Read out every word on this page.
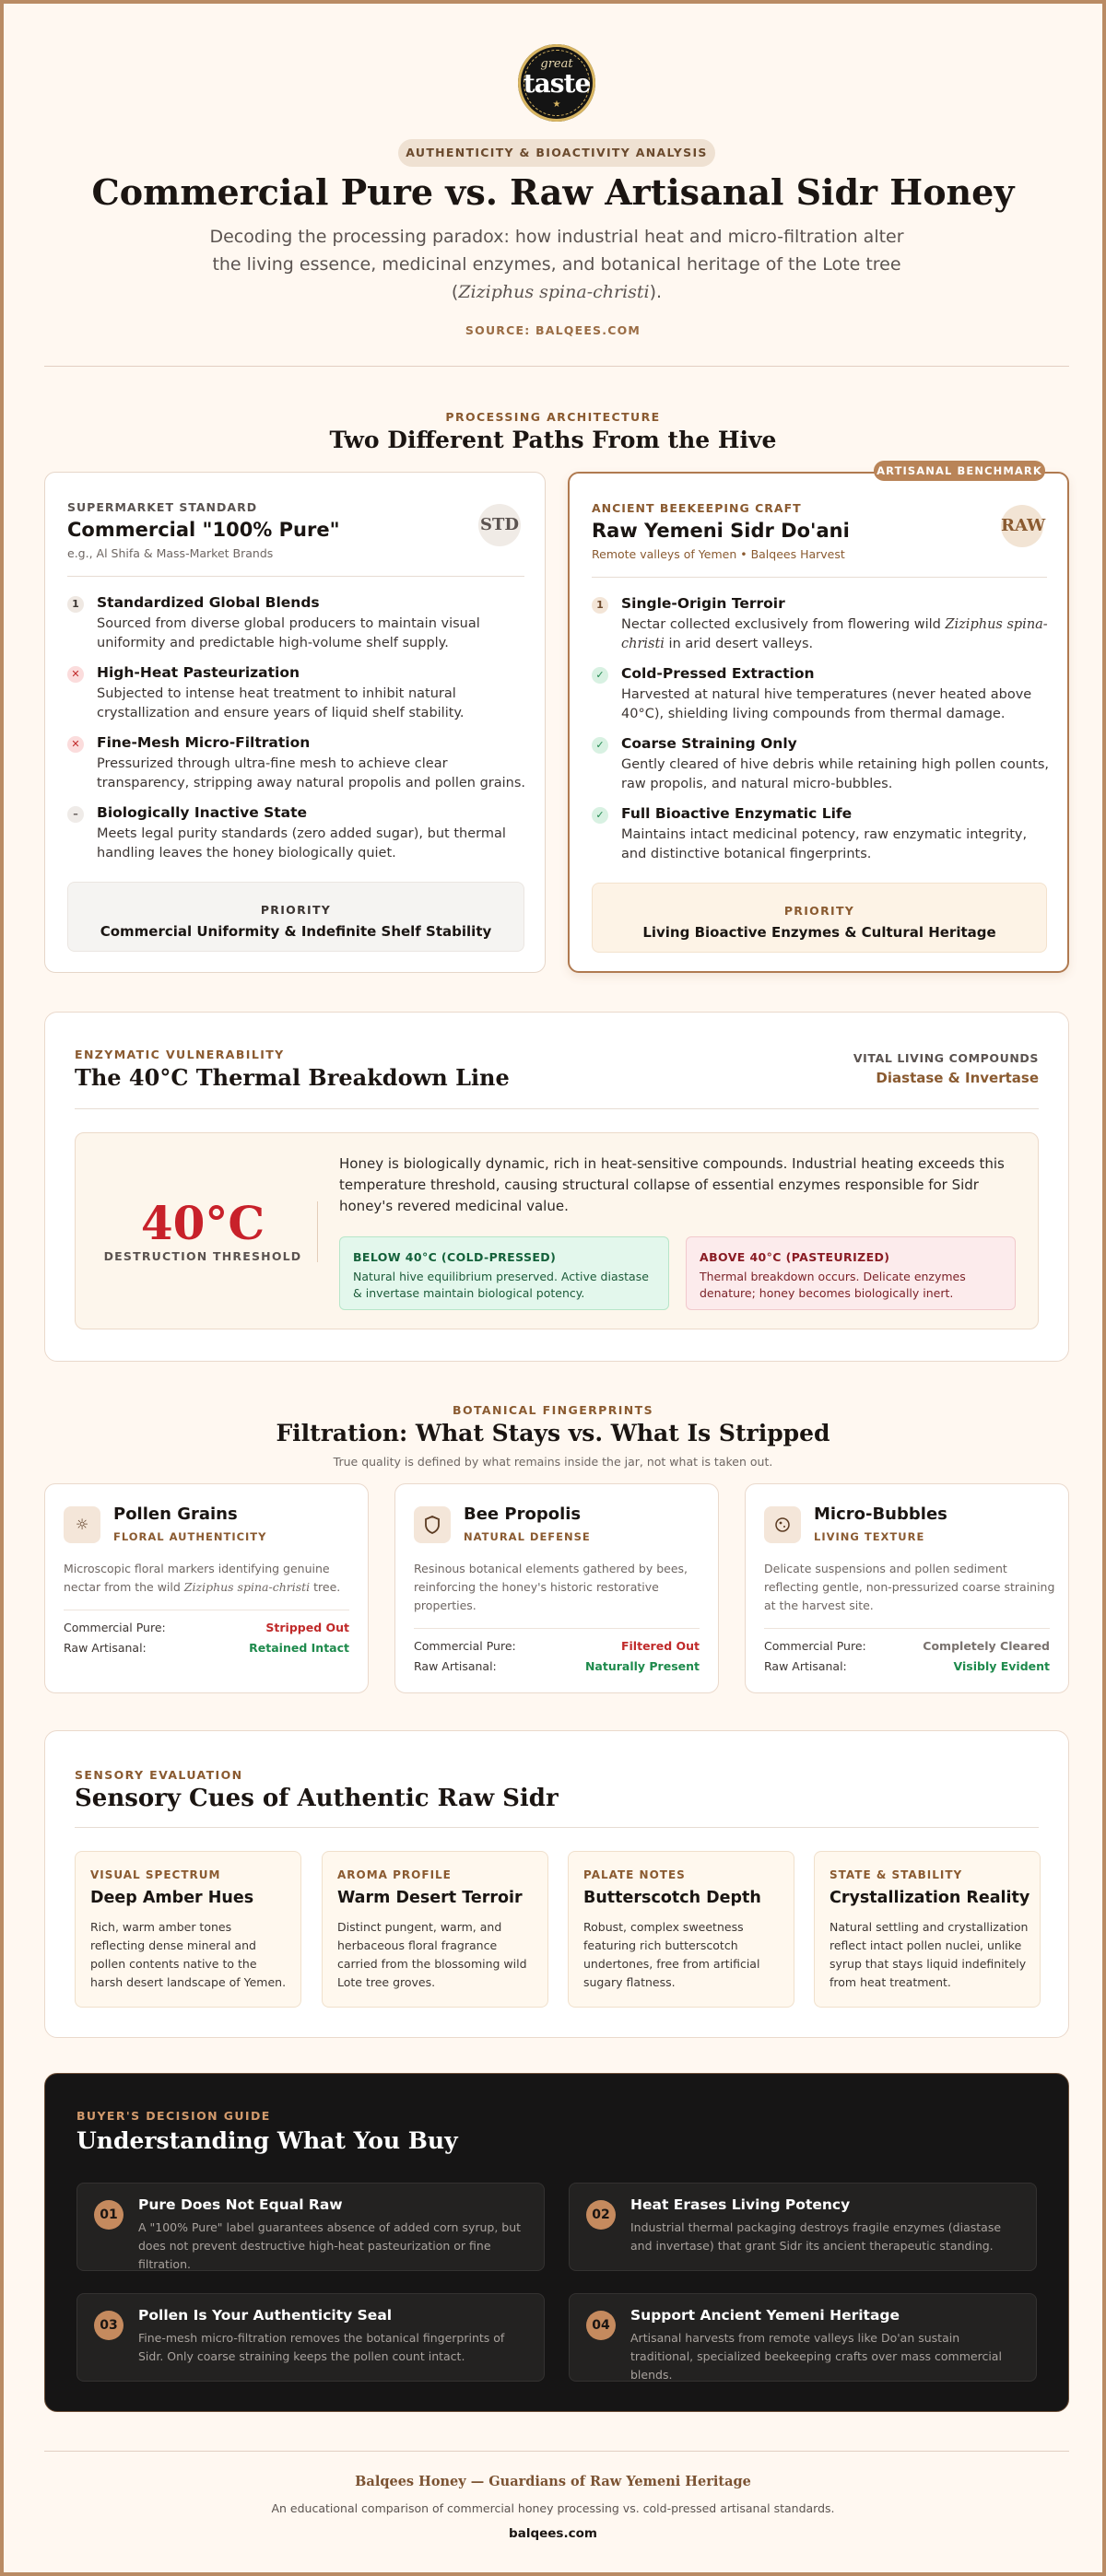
great
taste
★
AUTHENTICITY & BIOACTIVITY ANALYSIS
Commercial Pure vs. Raw Artisanal Sidr Honey
Decoding the processing paradox: how industrial heat and micro-filtration alter the living essence, medicinal enzymes, and botanical heritage of the Lote tree (Ziziphus spina-christi).
SOURCE: BALQEES.COM
PROCESSING ARCHITECTURE
Two Different Paths From the Hive
SUPERMARKET STANDARD
Commercial "100% Pure"
e.g., Al Shifa & Mass-Market Brands
STD
1	Standardized Global Blends
Sourced from diverse global producers to maintain visual uniformity and predictable high-volume shelf supply.
✕ High-Heat Pasteurization
Subjected to intense heat treatment to inhibit natural crystallization and ensure years of liquid shelf stability.
✕ Fine-Mesh Micro-Filtration
Pressurized through ultra-fine mesh to achieve clear transparency, stripping away natural propolis and pollen grains.
–	Biologically Inactive State
Meets legal purity standards (zero added sugar), but thermal handling leaves the honey biologically quiet.
PRIORITY
Commercial Uniformity & Indefinite Shelf Stability
ANCIENT BEEKEEPING CRAFT
Raw Yemeni Sidr Do'ani
Remote valleys of Yemen • Balqees Harvest
RAW
1	Single-Origin Terroir
Nectar collected exclusively from flowering wild Ziziphus spina-christi in arid desert valleys.
✓ Cold-Pressed Extraction
Harvested at natural hive temperatures (never heated above 40°C), shielding living compounds from thermal damage.
✓ Coarse Straining Only
Gently cleared of hive debris while retaining high pollen counts, raw propolis, and natural micro-bubbles.
✓ Full Bioactive Enzymatic Life
Maintains intact medicinal potency, raw enzymatic integrity, and distinctive botanical fingerprints.
PRIORITY
Living Bioactive Enzymes & Cultural Heritage
ARTISANAL BENCHMARK
ENZYMATIC VULNERABILITY
The 40°C Thermal Breakdown Line
VITAL LIVING COMPOUNDS
Diastase & Invertase
40°C
DESTRUCTION THRESHOLD
Honey is biologically dynamic, rich in heat-sensitive compounds. Industrial heating exceeds this temperature threshold, causing structural collapse of essential enzymes responsible for Sidr honey's revered medicinal value.
BELOW 40°C (COLD-PRESSED)
Natural hive equilibrium preserved. Active diastase & invertase maintain biological potency.
ABOVE 40°C (PASTEURIZED)
Thermal breakdown occurs. Delicate enzymes denature; honey becomes biologically inert.
BOTANICAL FINGERPRINTS
Filtration: What Stays vs. What Is Stripped
True quality is defined by what remains inside the jar, not what is taken out.
☼
Pollen Grains
FLORAL AUTHENTICITY
Microscopic floral markers identifying genuine nectar from the wild Ziziphus spina-christi tree.
Commercial Pure:	Stripped Out
Raw Artisanal:	Retained Intact
Bee Propolis
NATURAL DEFENSE
Resinous botanical elements gathered by bees, reinforcing the honey's historic restorative properties.
Commercial Pure:	Filtered Out
Raw Artisanal:	Naturally Present
Micro-Bubbles
LIVING TEXTURE
Delicate suspensions and pollen sediment reflecting gentle, non-pressurized coarse straining at the harvest site.
Commercial Pure:	Completely Cleared
Raw Artisanal:	Visibly Evident
SENSORY EVALUATION
Sensory Cues of Authentic Raw Sidr
VISUAL SPECTRUM
Deep Amber Hues
Rich, warm amber tones reflecting dense mineral and pollen contents native to the harsh desert landscape of Yemen.
AROMA PROFILE
Warm Desert Terroir
Distinct pungent, warm, and herbaceous floral fragrance carried from the blossoming wild Lote tree groves.
PALATE NOTES
Butterscotch Depth
Robust, complex sweetness featuring rich butterscotch undertones, free from artificial sugary flatness.
STATE & STABILITY
Crystallization Reality
Natural settling and crystallization reflect intact pollen nuclei, unlike syrup that stays liquid indefinitely from heat treatment.
BUYER'S DECISION GUIDE
Understanding What You Buy
01
Pure Does Not Equal Raw
A "100% Pure" label guarantees absence of added corn syrup, but does not prevent destructive high-heat pasteurization or fine filtration.
02
Heat Erases Living Potency
Industrial thermal packaging destroys fragile enzymes (diastase and invertase) that grant Sidr its ancient therapeutic standing.
03
Pollen Is Your Authenticity Seal
Fine-mesh micro-filtration removes the botanical fingerprints of Sidr. Only coarse straining keeps the pollen count intact.
04
Support Ancient Yemeni Heritage
Artisanal harvests from remote valleys like Do'an sustain traditional, specialized beekeeping crafts over mass commercial blends.
Balqees Honey — Guardians of Raw Yemeni Heritage
An educational comparison of commercial honey processing vs. cold-pressed artisanal standards.
balqees.com
